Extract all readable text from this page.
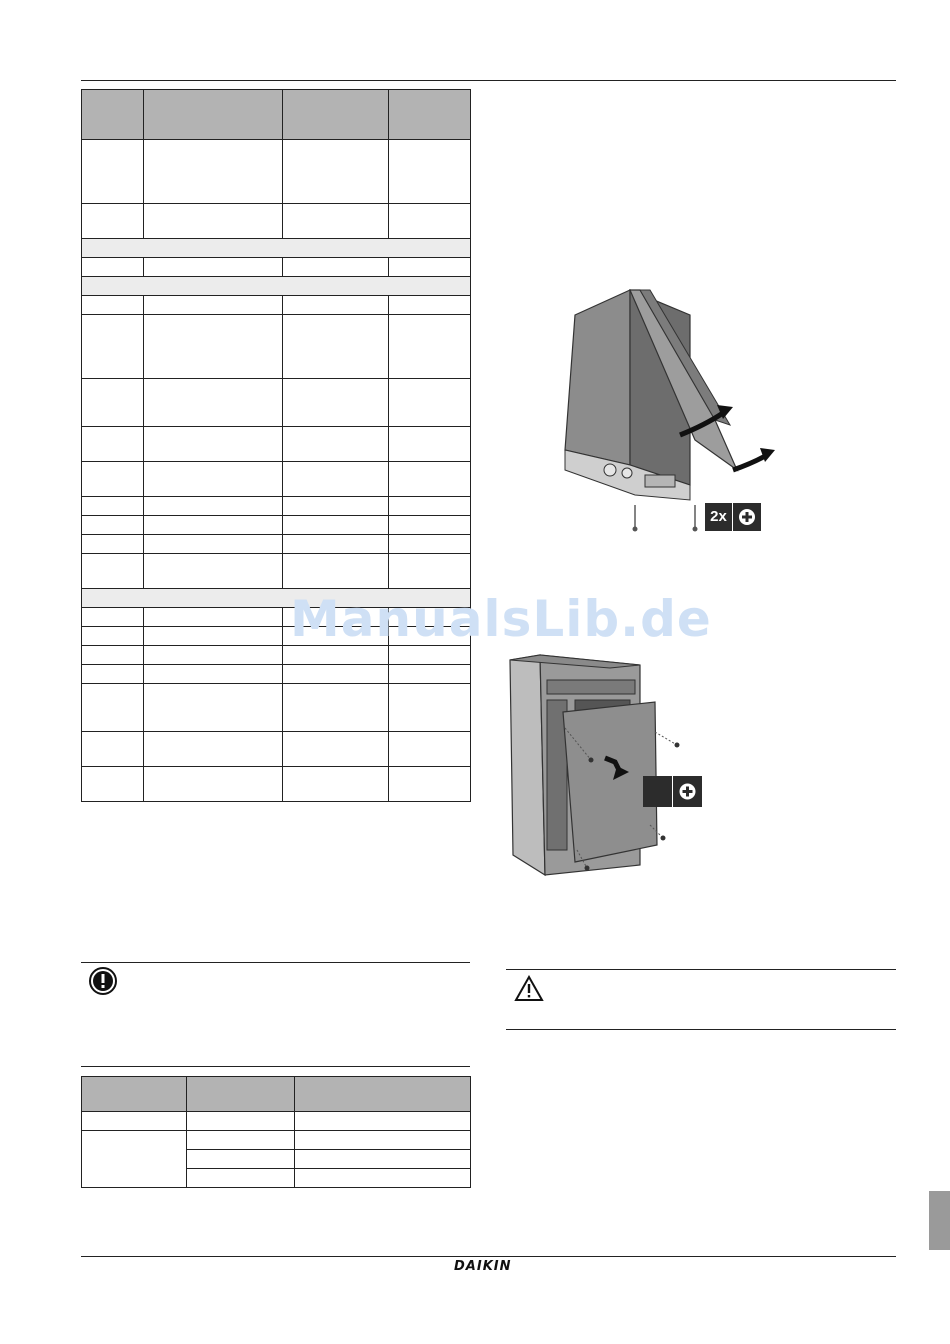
2x
ManualsLib.de
DAIKIN
